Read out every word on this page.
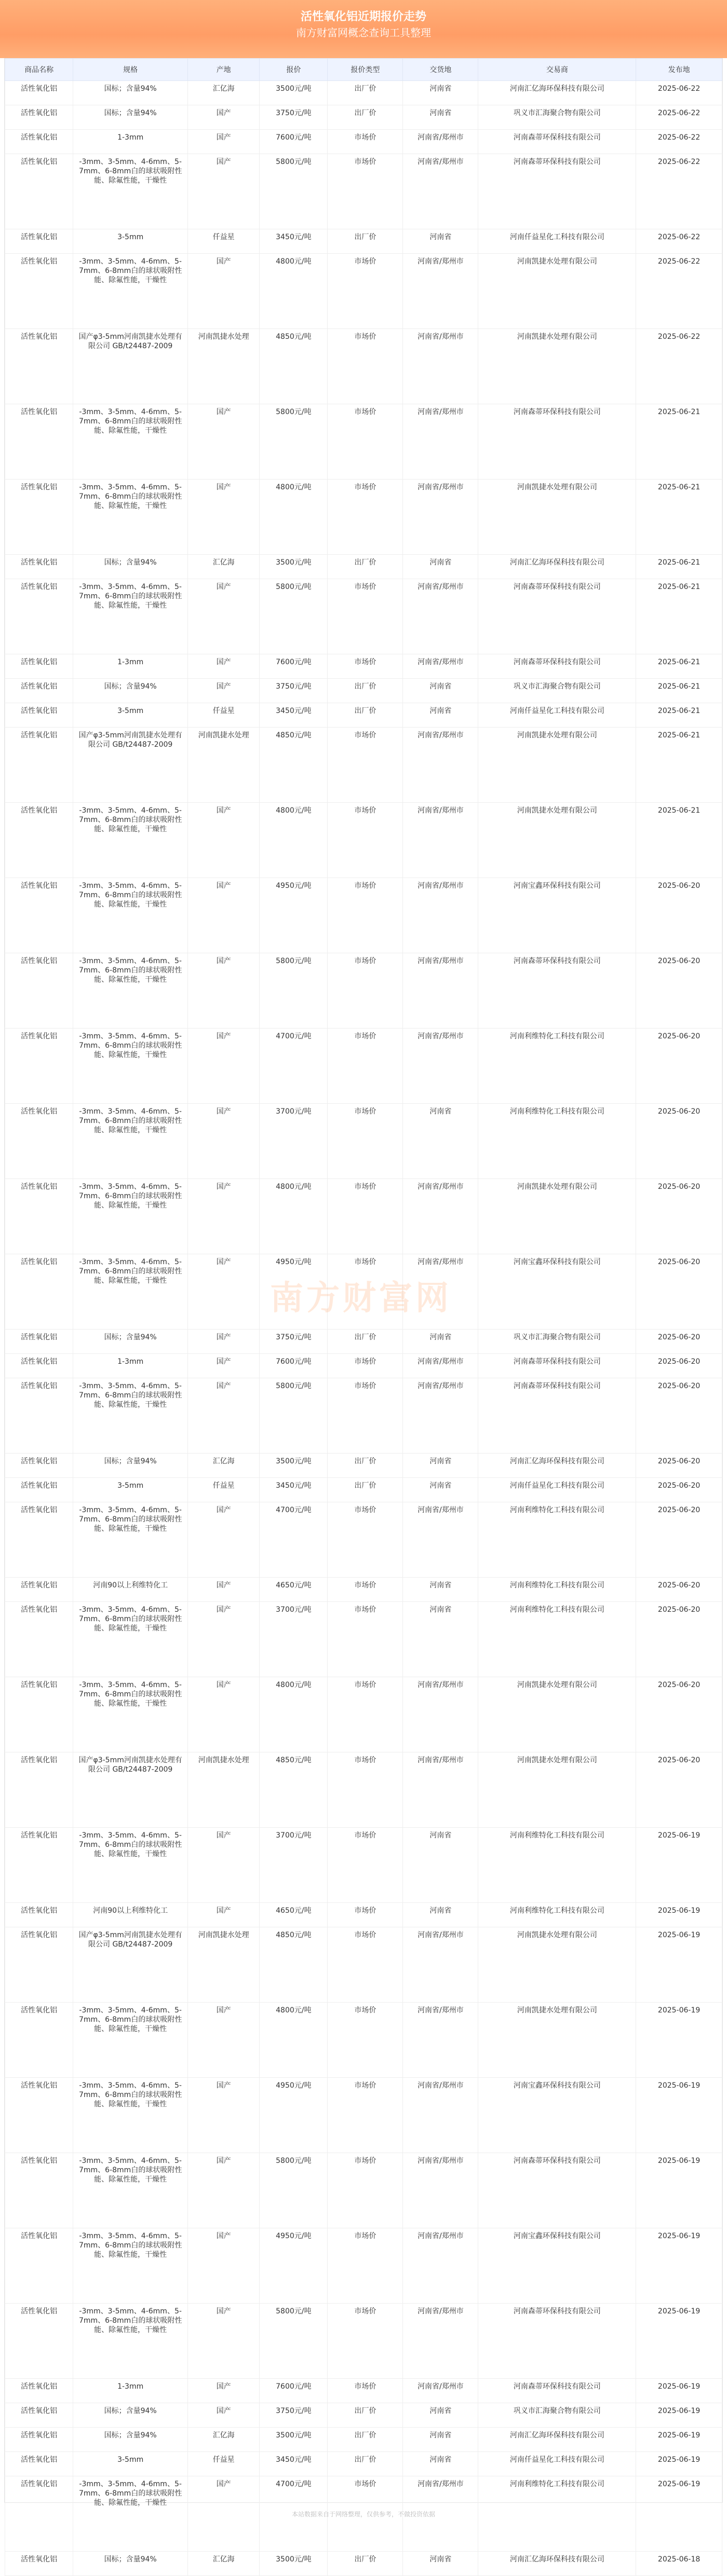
活性氧化铝近期报价走势
南方财富网概念查询工具整理
商品名称	规格	产地	报价	报价类型	交货地	交易商	发布地
活性氧化铝	国标；含量94%	汇亿海	3500元/吨	出厂价	河南省	河南汇亿海环保科技有限公司	2025-06-22
活性氧化铝	国标；含量94%	国产	3750元/吨	出厂价	河南省	巩义市汇海聚合物有限公司	2025-06-22
活性氧化铝	1-3mm	国产	7600元/吨	市场价	河南省/郑州市	河南森蒂环保科技有限公司	2025-06-22
活性氧化铝	-3mm、3-5mm、4-6mm、5-7mm、6-8mm白的球状吸附性能、除氟性能，干燥性	国产	5800元/吨	市场价	河南省/郑州市	河南森蒂环保科技有限公司	2025-06-22
活性氧化铝	3-5mm	仟益星	3450元/吨	出厂价	河南省	河南仟益星化工科技有限公司	2025-06-22
活性氧化铝	-3mm、3-5mm、4-6mm、5-7mm、6-8mm白的球状吸附性能、除氟性能，干燥性	国产	4800元/吨	市场价	河南省/郑州市	河南凯捷水处理有限公司	2025-06-22
活性氧化铝	国产φ3-5mm河南凯捷水处理有限公司 GB/t24487-2009	河南凯捷水处理	4850元/吨	市场价	河南省/郑州市	河南凯捷水处理有限公司	2025-06-22
活性氧化铝	-3mm、3-5mm、4-6mm、5-7mm、6-8mm白的球状吸附性能、除氟性能，干燥性	国产	5800元/吨	市场价	河南省/郑州市	河南森蒂环保科技有限公司	2025-06-21
活性氧化铝	-3mm、3-5mm、4-6mm、5-7mm、6-8mm白的球状吸附性能、除氟性能，干燥性	国产	4800元/吨	市场价	河南省/郑州市	河南凯捷水处理有限公司	2025-06-21
活性氧化铝	国标；含量94%	汇亿海	3500元/吨	出厂价	河南省	河南汇亿海环保科技有限公司	2025-06-21
活性氧化铝	-3mm、3-5mm、4-6mm、5-7mm、6-8mm白的球状吸附性能、除氟性能，干燥性	国产	5800元/吨	市场价	河南省/郑州市	河南森蒂环保科技有限公司	2025-06-21
活性氧化铝	1-3mm	国产	7600元/吨	市场价	河南省/郑州市	河南森蒂环保科技有限公司	2025-06-21
活性氧化铝	国标；含量94%	国产	3750元/吨	出厂价	河南省	巩义市汇海聚合物有限公司	2025-06-21
活性氧化铝	3-5mm	仟益星	3450元/吨	出厂价	河南省	河南仟益星化工科技有限公司	2025-06-21
活性氧化铝	国产φ3-5mm河南凯捷水处理有限公司 GB/t24487-2009	河南凯捷水处理	4850元/吨	市场价	河南省/郑州市	河南凯捷水处理有限公司	2025-06-21
活性氧化铝	-3mm、3-5mm、4-6mm、5-7mm、6-8mm白的球状吸附性能、除氟性能，干燥性	国产	4800元/吨	市场价	河南省/郑州市	河南凯捷水处理有限公司	2025-06-21
活性氧化铝	-3mm、3-5mm、4-6mm、5-7mm、6-8mm白的球状吸附性能、除氟性能，干燥性	国产	4950元/吨	市场价	河南省/郑州市	河南宝鑫环保科技有限公司	2025-06-20
活性氧化铝	-3mm、3-5mm、4-6mm、5-7mm、6-8mm白的球状吸附性能、除氟性能，干燥性	国产	5800元/吨	市场价	河南省/郑州市	河南森蒂环保科技有限公司	2025-06-20
活性氧化铝	-3mm、3-5mm、4-6mm、5-7mm、6-8mm白的球状吸附性能、除氟性能，干燥性	国产	4700元/吨	市场价	河南省/郑州市	河南利维特化工科技有限公司	2025-06-20
活性氧化铝	-3mm、3-5mm、4-6mm、5-7mm、6-8mm白的球状吸附性能、除氟性能，干燥性	国产	3700元/吨	市场价	河南省	河南利维特化工科技有限公司	2025-06-20
活性氧化铝	-3mm、3-5mm、4-6mm、5-7mm、6-8mm白的球状吸附性能、除氟性能，干燥性	国产	4800元/吨	市场价	河南省/郑州市	河南凯捷水处理有限公司	2025-06-20
活性氧化铝	-3mm、3-5mm、4-6mm、5-7mm、6-8mm白的球状吸附性能、除氟性能，干燥性	国产	4950元/吨	市场价	河南省/郑州市	河南宝鑫环保科技有限公司	2025-06-20
活性氧化铝	国标；含量94%	国产	3750元/吨	出厂价	河南省	巩义市汇海聚合物有限公司	2025-06-20
活性氧化铝	1-3mm	国产	7600元/吨	市场价	河南省/郑州市	河南森蒂环保科技有限公司	2025-06-20
活性氧化铝	-3mm、3-5mm、4-6mm、5-7mm、6-8mm白的球状吸附性能、除氟性能，干燥性	国产	5800元/吨	市场价	河南省/郑州市	河南森蒂环保科技有限公司	2025-06-20
活性氧化铝	国标；含量94%	汇亿海	3500元/吨	出厂价	河南省	河南汇亿海环保科技有限公司	2025-06-20
活性氧化铝	3-5mm	仟益星	3450元/吨	出厂价	河南省	河南仟益星化工科技有限公司	2025-06-20
活性氧化铝	-3mm、3-5mm、4-6mm、5-7mm、6-8mm白的球状吸附性能、除氟性能，干燥性	国产	4700元/吨	市场价	河南省/郑州市	河南利维特化工科技有限公司	2025-06-20
活性氧化铝	河南90以上利维特化工	国产	4650元/吨	市场价	河南省	河南利维特化工科技有限公司	2025-06-20
活性氧化铝	-3mm、3-5mm、4-6mm、5-7mm、6-8mm白的球状吸附性能、除氟性能，干燥性	国产	3700元/吨	市场价	河南省	河南利维特化工科技有限公司	2025-06-20
活性氧化铝	-3mm、3-5mm、4-6mm、5-7mm、6-8mm白的球状吸附性能、除氟性能，干燥性	国产	4800元/吨	市场价	河南省/郑州市	河南凯捷水处理有限公司	2025-06-20
活性氧化铝	国产φ3-5mm河南凯捷水处理有限公司 GB/t24487-2009	河南凯捷水处理	4850元/吨	市场价	河南省/郑州市	河南凯捷水处理有限公司	2025-06-20
活性氧化铝	-3mm、3-5mm、4-6mm、5-7mm、6-8mm白的球状吸附性能、除氟性能，干燥性	国产	3700元/吨	市场价	河南省	河南利维特化工科技有限公司	2025-06-19
活性氧化铝	河南90以上利维特化工	国产	4650元/吨	市场价	河南省	河南利维特化工科技有限公司	2025-06-19
活性氧化铝	国产φ3-5mm河南凯捷水处理有限公司 GB/t24487-2009	河南凯捷水处理	4850元/吨	市场价	河南省/郑州市	河南凯捷水处理有限公司	2025-06-19
活性氧化铝	-3mm、3-5mm、4-6mm、5-7mm、6-8mm白的球状吸附性能、除氟性能，干燥性	国产	4800元/吨	市场价	河南省/郑州市	河南凯捷水处理有限公司	2025-06-19
活性氧化铝	-3mm、3-5mm、4-6mm、5-7mm、6-8mm白的球状吸附性能、除氟性能，干燥性	国产	4950元/吨	市场价	河南省/郑州市	河南宝鑫环保科技有限公司	2025-06-19
活性氧化铝	-3mm、3-5mm、4-6mm、5-7mm、6-8mm白的球状吸附性能、除氟性能，干燥性	国产	5800元/吨	市场价	河南省/郑州市	河南森蒂环保科技有限公司	2025-06-19
活性氧化铝	-3mm、3-5mm、4-6mm、5-7mm、6-8mm白的球状吸附性能、除氟性能，干燥性	国产	4950元/吨	市场价	河南省/郑州市	河南宝鑫环保科技有限公司	2025-06-19
活性氧化铝	-3mm、3-5mm、4-6mm、5-7mm、6-8mm白的球状吸附性能、除氟性能，干燥性	国产	5800元/吨	市场价	河南省/郑州市	河南森蒂环保科技有限公司	2025-06-19
活性氧化铝	1-3mm	国产	7600元/吨	市场价	河南省/郑州市	河南森蒂环保科技有限公司	2025-06-19
活性氧化铝	国标；含量94%	国产	3750元/吨	出厂价	河南省	巩义市汇海聚合物有限公司	2025-06-19
活性氧化铝	国标；含量94%	汇亿海	3500元/吨	出厂价	河南省	河南汇亿海环保科技有限公司	2025-06-19
活性氧化铝	3-5mm	仟益星	3450元/吨	出厂价	河南省	河南仟益星化工科技有限公司	2025-06-19
活性氧化铝	-3mm、3-5mm、4-6mm、5-7mm、6-8mm白的球状吸附性能、除氟性能，干燥性	国产	4700元/吨	市场价	河南省/郑州市	河南利维特化工科技有限公司	2025-06-19
活性氧化铝	国标；含量94%	汇亿海	3500元/吨	出厂价	河南省	河南汇亿海环保科技有限公司	2025-06-18
本站数据来自于网络整理，仅供参考，不做投资依据
